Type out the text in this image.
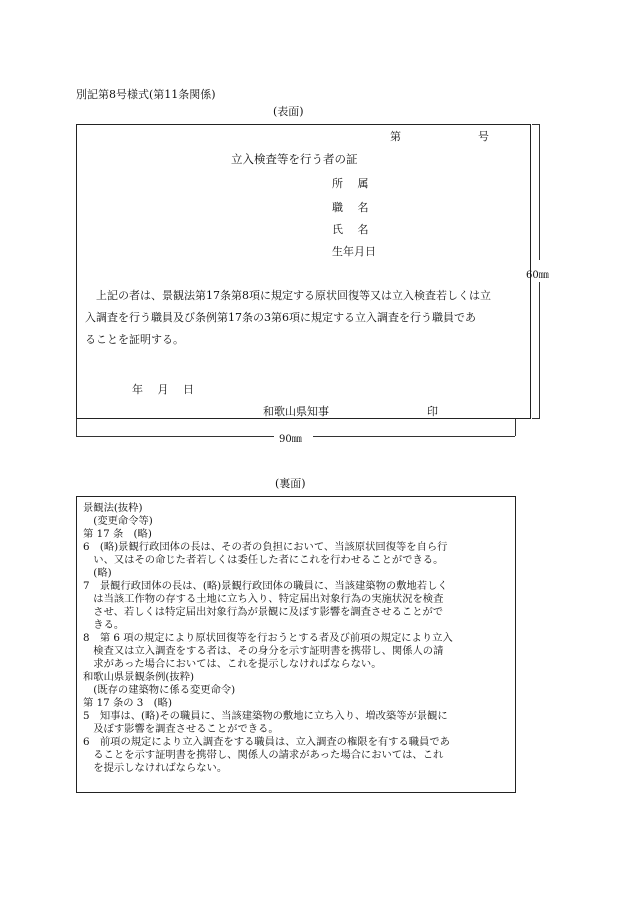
別記第8号様式(第11条関係)
(表面)
第	号
立入検査等を行う者の証
所　 属
職　 名
氏　 名
生年月日
上記の者は、景観法第17条第8項に規定する原状回復等又は立入検査若しくは立
入調査を行う職員及び条例第17条の3第6項に規定する立入調査を行う職員であ
ることを証明する。
年　 月　 日
和歌山県知事	印
60㎜
90㎜
(裏面)
景観法(抜粋)
　(変更命令等)
第 17 条　(略)
6　(略)景観行政団体の長は、その者の負担において、当該原状回復等を自ら行
　い、又はその命じた者若しくは委任した者にこれを行わせることができる。
　(略)
7　景観行政団体の長は、(略)景観行政団体の職員に、当該建築物の敷地若しく
　は当該工作物の存する土地に立ち入り、特定届出対象行為の実施状況を検査
　させ、若しくは特定届出対象行為が景観に及ぼす影響を調査させることがで
　きる。
8　第 6 項の規定により原状回復等を行おうとする者及び前項の規定により立入
　検査又は立入調査をする者は、その身分を示す証明書を携帯し、関係人の請
　求があった場合においては、これを提示しなければならない。
和歌山県景観条例(抜粋)
　(既存の建築物に係る変更命令)
第 17 条の 3　(略)
5　知事は、(略)その職員に、当該建築物の敷地に立ち入り、増改築等が景観に
　及ぼす影響を調査させることができる。
6　前項の規定により立入調査をする職員は、立入調査の権限を有する職員であ
　ることを示す証明書を携帯し、関係人の請求があった場合においては、これ
　を提示しなければならない。
